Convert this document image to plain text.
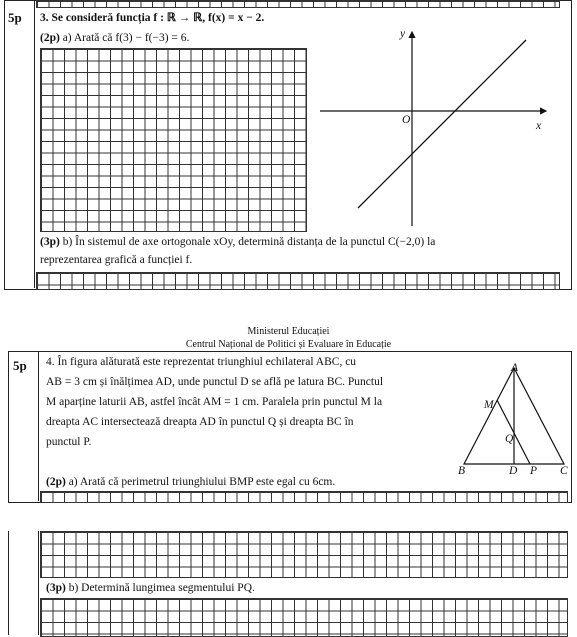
5p 3. Se consideră funcția f : ℝ → ℝ, f(x) = x − 2.
(2p) a) Arată că f(3) − f(−3) = 6.	y
x
O
(3p) b) În sistemul de axe ortogonale xOy, determină distanța de la punctul C(−2,0) la
reprezentarea grafică a funcției f.
Ministerul Educației
Centrul Național de Politici și Evaluare în Educație
5p 4. În figura alăturată este reprezentat triunghiul echilateral ABC, cu
AB = 3 cm și înălțimea AD, unde punctul D se află pe latura BC. Punctul
M aparține laturii AB, astfel încât AM = 1 cm. Paralela prin punctul M la
dreapta AC intersectează dreapta AD în punctul Q și dreapta BC în
punctul P.
A
M
Q
B	D P C
(2p) a) Arată că perimetrul triunghiului BMP este egal cu 6cm.
(3p) b) Determină lungimea segmentului PQ.
